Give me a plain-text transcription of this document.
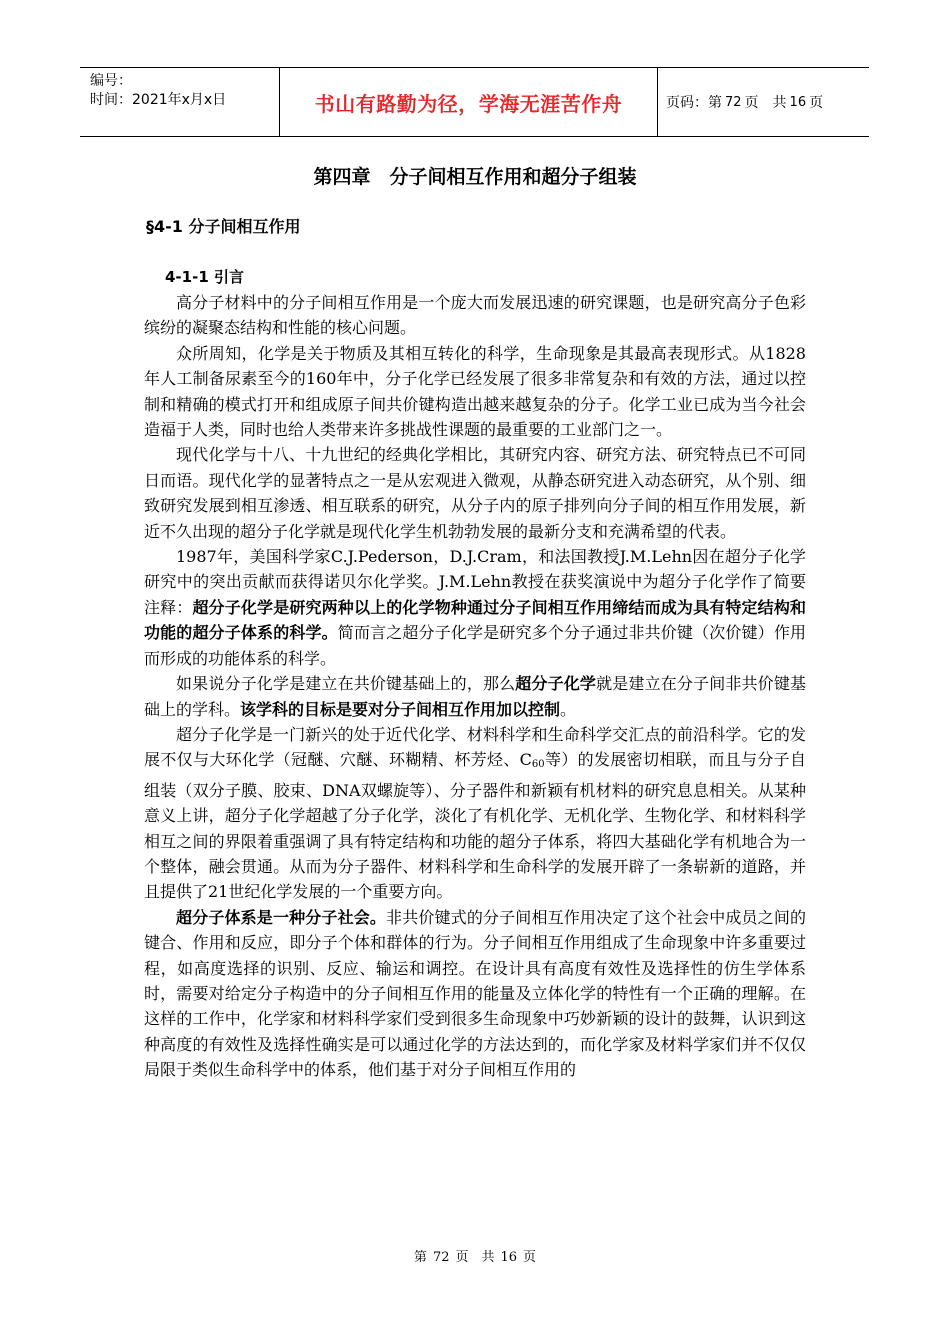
编号：
时间：2021年x月x日	书山有路勤为径，学海无涯苦作舟	页码：第 72 页　共 16 页
第四章　分子间相互作用和超分子组装
§4-1 分子间相互作用
4-1-1 引言

高分子材料中的分子间相互作用是一个庞大而发展迅速的研究课题，也是研究高分子色彩缤纷的凝聚态结构和性能的核心问题。

众所周知，化学是关于物质及其相互转化的科学，生命现象是其最高表现形式。从1828年人工制备尿素至今的160年中，分子化学已经发展了很多非常复杂和有效的方法，通过以控制和精确的模式打开和组成原子间共价键构造出越来越复杂的分子。化学工业已成为当今社会造福于人类，同时也给人类带来许多挑战性课题的最重要的工业部门之一。

现代化学与十八、十九世纪的经典化学相比，其研究内容、研究方法、研究特点已不可同日而语。现代化学的显著特点之一是从宏观进入微观，从静态研究进入动态研究，从个别、细致研究发展到相互渗透、相互联系的研究，从分子内的原子排列向分子间的相互作用发展，新近不久出现的超分子化学就是现代化学生机勃勃发展的最新分支和充满希望的代表。

1987年，美国科学家C.J.Pederson，D.J.Cram，和法国教授J.M.Lehn因在超分子化学研究中的突出贡献而获得诺贝尔化学奖。J.M.Lehn教授在获奖演说中为超分子化学作了简要注释：超分子化学是研究两种以上的化学物种通过分子间相互作用缔结而成为具有特定结构和功能的超分子体系的科学。简而言之超分子化学是研究多个分子通过非共价键（次价键）作用而形成的功能体系的科学。

如果说分子化学是建立在共价键基础上的，那么超分子化学就是建立在分子间非共价键基础上的学科。该学科的目标是要对分子间相互作用加以控制。

超分子化学是一门新兴的处于近代化学、材料科学和生命科学交汇点的前沿科学。它的发展不仅与大环化学（冠醚、穴醚、环糊精、杯芳烃、$C_{60}$等）的发展密切相联，而且与分子自组装（双分子膜、胶束、DNA双螺旋等）、分子器件和新颖有机材料的研究息息相关。从某种意义上讲，超分子化学超越了分子化学，淡化了有机化学、无机化学、生物化学、和材料科学相互之间的界限着重强调了具有特定结构和功能的超分子体系，将四大基础化学有机地合为一个整体，融会贯通。从而为分子器件、材料科学和生命科学的发展开辟了一条崭新的道路，并且提供了21世纪化学发展的一个重要方向。

超分子体系是一种分子社会。非共价键式的分子间相互作用决定了这个社会中成员之间的键合、作用和反应，即分子个体和群体的行为。分子间相互作用组成了生命现象中许多重要过程，如高度选择的识别、反应、输运和调控。在设计具有高度有效性及选择性的仿生学体系时，需要对给定分子构造中的分子间相互作用的能量及立体化学的特性有一个正确的理解。在这样的工作中，化学家和材料科学家们受到很多生命现象中巧妙新颖的设计的鼓舞，认识到这种高度的有效性及选择性确实是可以通过化学的方法达到的，而化学家及材料学家们并不仅仅局限于类似生命科学中的体系，他们基于对分子间相互作用的

第 72 页　共 16 页
